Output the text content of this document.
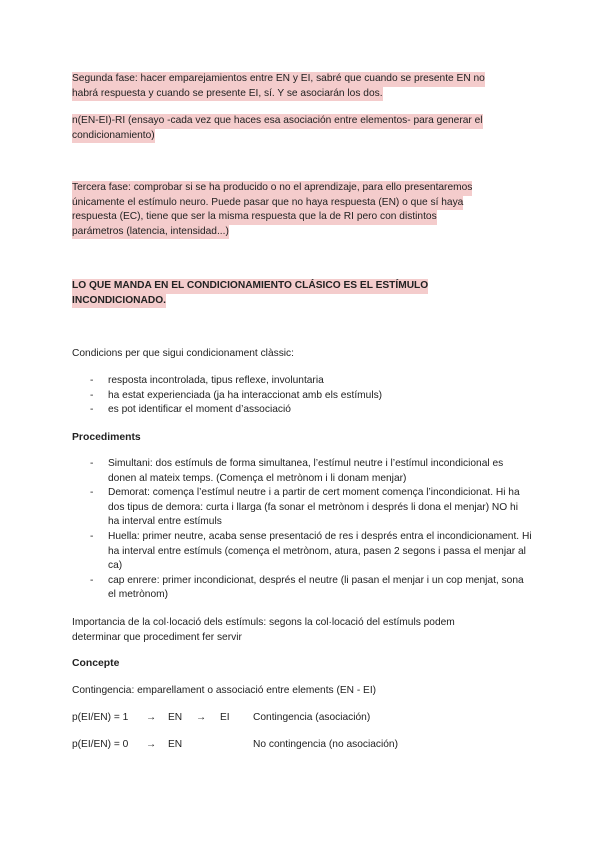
Segunda fase: hacer emparejamientos entre EN y EI, sabré que cuando se presente EN no
habrá respuesta y cuando se presente EI, sí. Y se asociarán los dos.
n(EN-EI)-RI (ensayo -cada vez que haces esa asociación entre elementos- para generar el
condicionamiento)
Tercera fase: comprobar si se ha producido o no el aprendizaje, para ello presentaremos
únicamente el estímulo neuro. Puede pasar que no haya respuesta (EN) o que sí haya
respuesta (EC), tiene que ser la misma respuesta que la de RI pero con distintos
parámetros (latencia, intensidad...)
LO QUE MANDA EN EL CONDICIONAMIENTO CLÁSICO ES EL ESTÍMULO
INCONDICIONADO.

Condicions per que sigui condicionament clàssic:

- resposta incontrolada, tipus reflexe, involuntaria
- ha estat experienciada (ja ha interaccionat amb els estímuls)
- es pot identificar el moment d’associació

Procediments

- Simultani: dos estímuls de forma simultanea, l’estímul neutre i l’estímul incondicional es donen al mateix temps. (Comença el metrònom i li donam menjar)
- Demorat: comença l’estímul neutre i a partir de cert moment comença l’incondicionat. Hi ha dos tipus de demora: curta i llarga (fa sonar el metrònom i després li dona el menjar) NO hi ha interval entre estímuls
- Huella: primer neutre, acaba sense presentació de res i després entra el incondicionament. Hi ha interval entre estímuls (comença el metrònom, atura, pasen 2 segons i passa el menjar al ca)
- cap enrere: primer incondicionat, després el neutre (li pasan el menjar i un cop menjat, sona el metrònom)
Importancia de la col·locació dels estímuls: segons la col·locació del estímuls podem
determinar que procediment fer servir

Concepte

Contingencia: emparellament o associació entre elements (EN - EI)

p(EI/EN) = 1 → EN → EI Contingencia (asociación)
p(EI/EN) = 0 → EN	No contingencia (no asociación)
